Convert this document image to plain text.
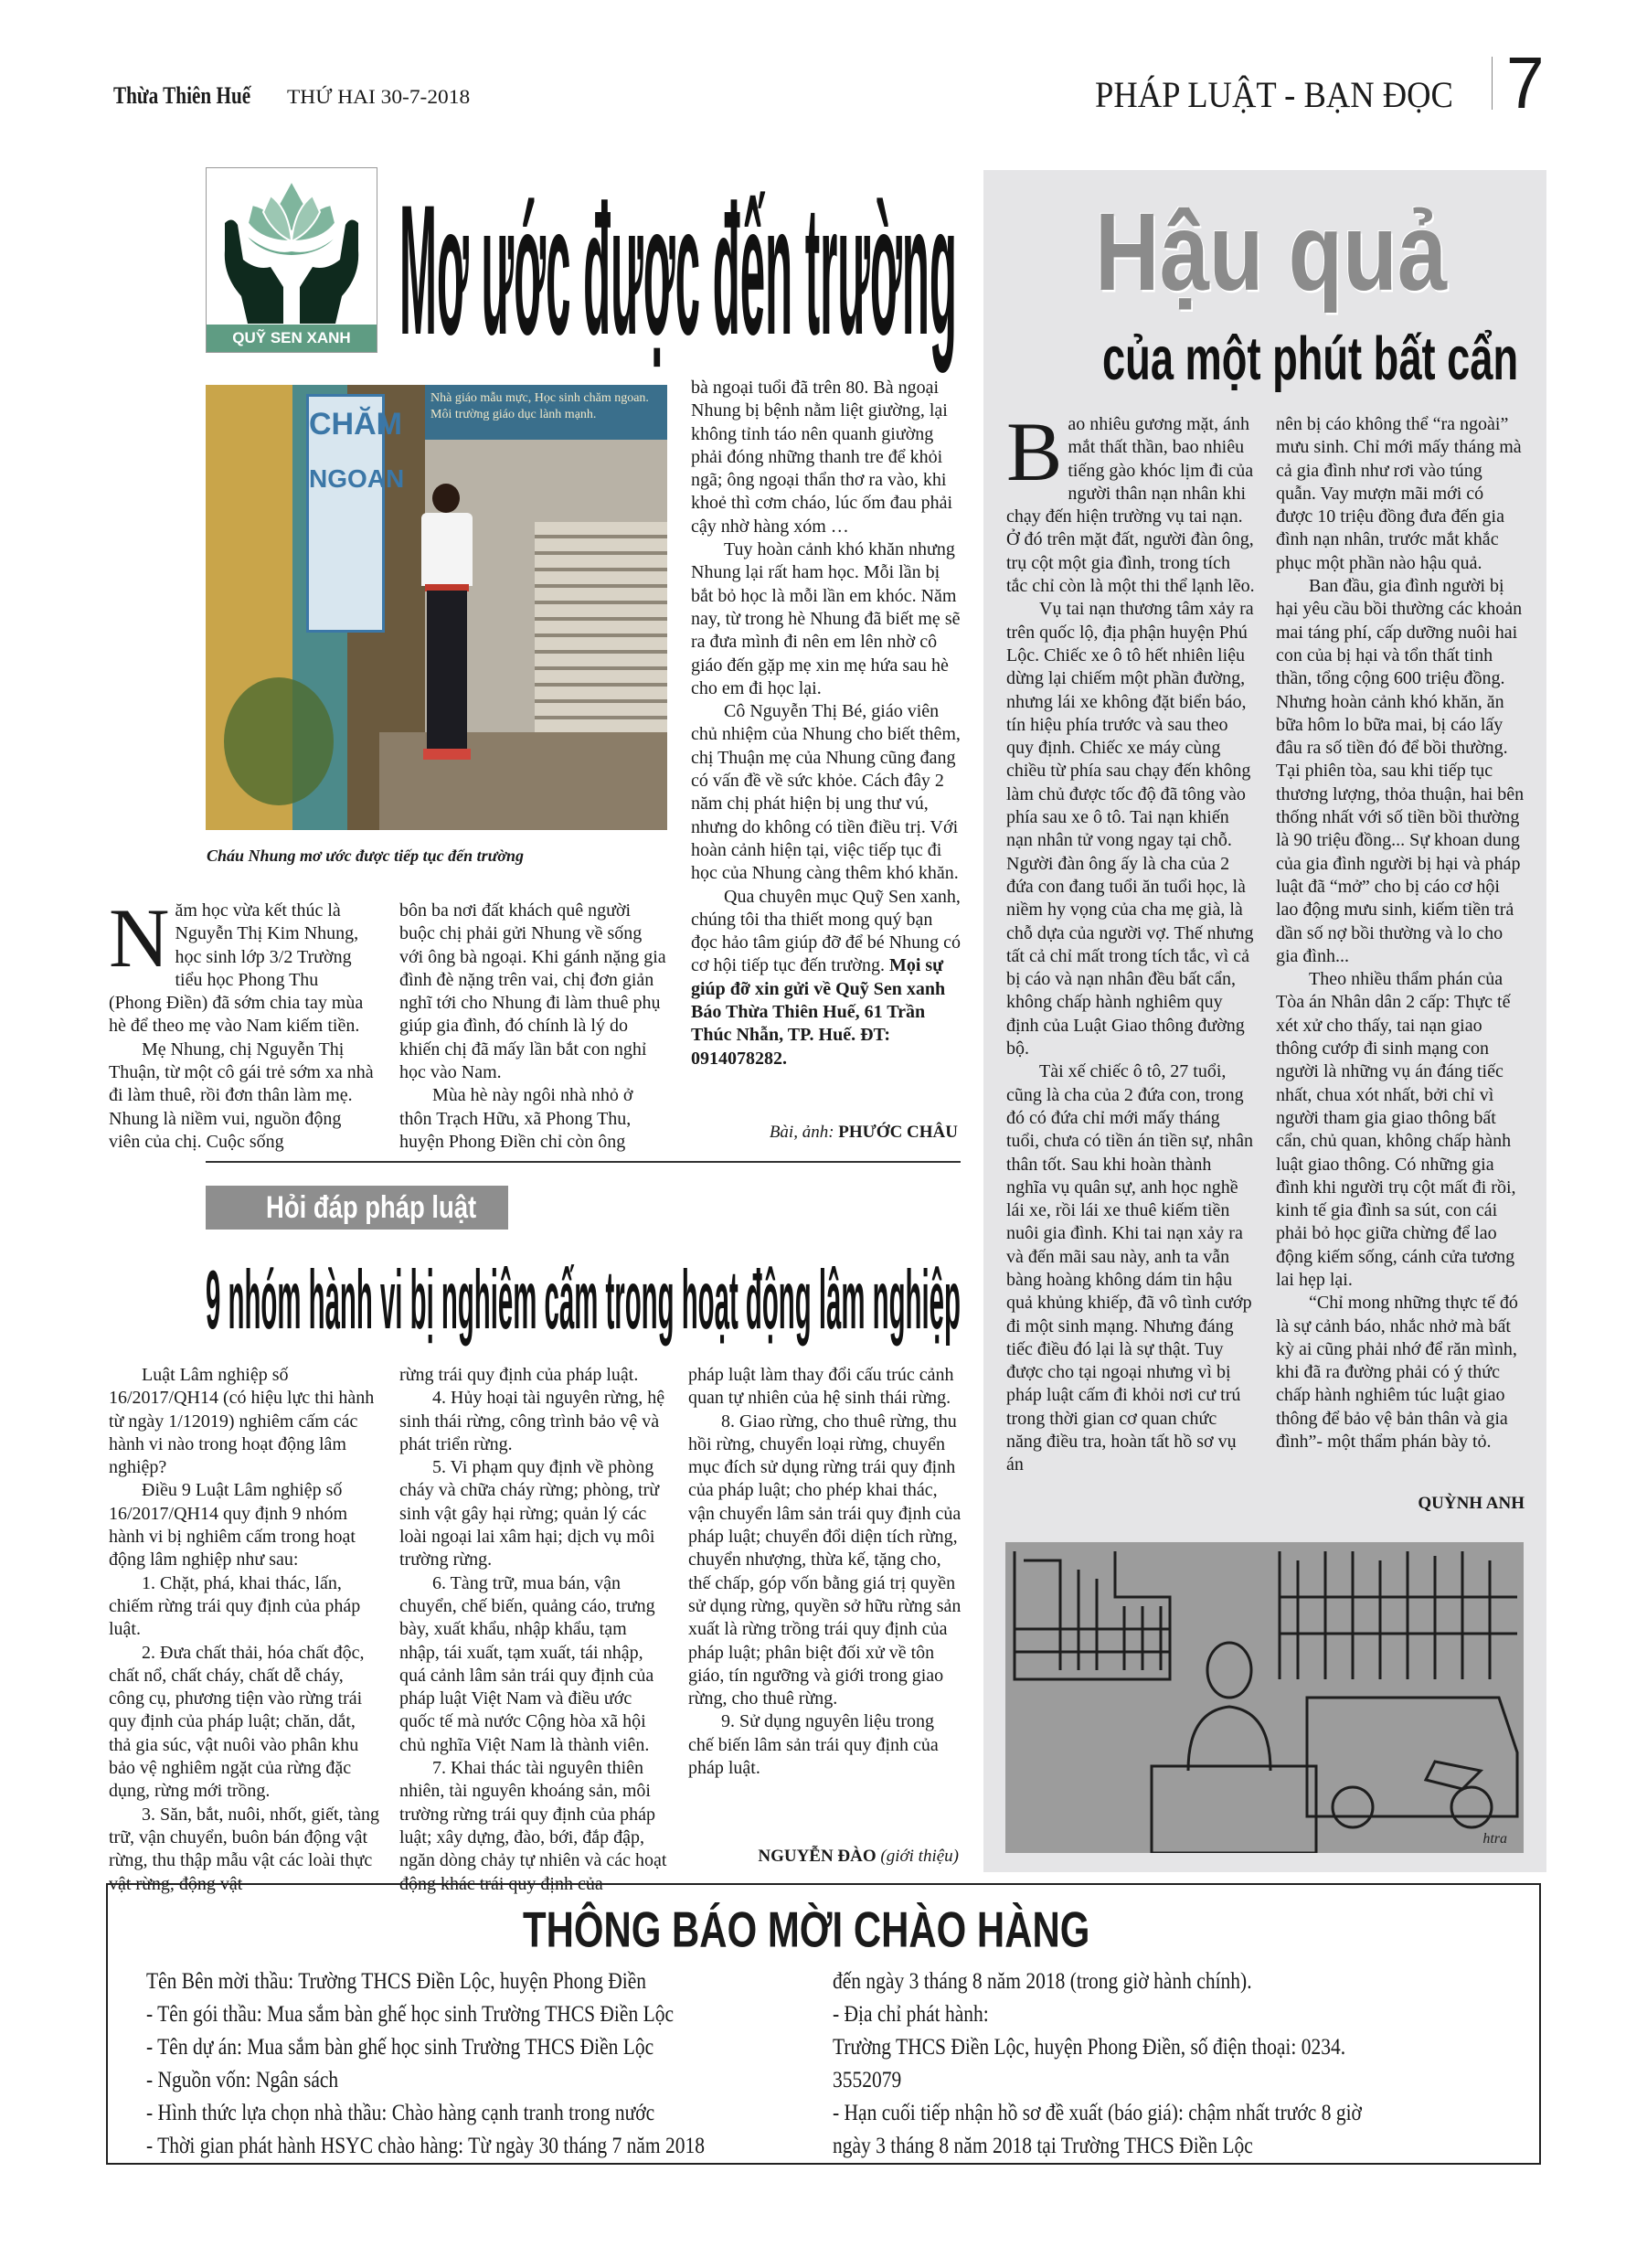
Thừa Thiên Huế	THỨ HAI 30-7-2018	PHÁP LUẬT - BẠN ĐỌC 7
QUỸ SEN XANH Mơ ước được đến trường
CHĂM
NGOAN
Nhà giáo mẫu mực, Học sinh chăm ngoan. Môi trường giáo dục lành mạnh.
Cháu Nhung mơ ước được tiếp tục đến trường
N ăm học vừa kết thúc là Nguyễn Thị Kim Nhung, học sinh lớp 3/2 Trường tiểu học Phong Thu (Phong Điền) đã sớm chia tay mùa hè để theo mẹ vào Nam kiếm tiền.

Mẹ Nhung, chị Nguyễn Thị Thuận, từ một cô gái trẻ sớm xa nhà đi làm thuê, rồi đơn thân làm mẹ. Nhung là niềm vui, nguồn động viên của chị. Cuộc sống

bôn ba nơi đất khách quê người buộc chị phải gửi Nhung về sống với ông bà ngoại. Khi gánh nặng gia đình đè nặng trên vai, chị đơn giản nghĩ tới cho Nhung đi làm thuê phụ giúp gia đình, đó chính là lý do khiến chị đã mấy lần bắt con nghỉ học vào Nam.

Mùa hè này ngôi nhà nhỏ ở thôn Trạch Hữu, xã Phong Thu, huyện Phong Điền chỉ còn ông

bà ngoại tuổi đã trên 80. Bà ngoại Nhung bị bệnh nằm liệt giường, lại không tỉnh táo nên quanh giường phải đóng những thanh tre để khỏi ngã; ông ngoại thẩn thơ ra vào, khi khoẻ thì cơm cháo, lúc ốm đau phải cậy nhờ hàng xóm …

Tuy hoàn cảnh khó khăn nhưng Nhung lại rất ham học. Mỗi lần bị bắt bỏ học là mỗi lần em khóc. Năm nay, từ trong hè Nhung đã biết mẹ sẽ ra đưa mình đi nên em lên nhờ cô giáo đến gặp mẹ xin mẹ hứa sau hè cho em đi học lại.

Cô Nguyễn Thị Bé, giáo viên chủ nhiệm của Nhung cho biết thêm, chị Thuận mẹ của Nhung cũng đang có vấn đề về sức khỏe. Cách đây 2 năm chị phát hiện bị ung thư vú, nhưng do không có tiền điều trị. Với hoàn cảnh hiện tại, việc tiếp tục đi học của Nhung càng thêm khó khăn.

Qua chuyên mục Quỹ Sen xanh, chúng tôi tha thiết mong quý bạn đọc hảo tâm giúp đỡ để bé Nhung có cơ hội tiếp tục đến trường. Mọi sự giúp đỡ xin gửi về Quỹ Sen xanh Báo Thừa Thiên Huế, 61 Trần Thúc Nhẫn, TP. Huế. ĐT: 0914078282.

Bài, ảnh: PHƯỚC CHÂU
Hỏi đáp pháp luật
9 nhóm hành vi bị nghiêm cấm trong hoạt động lâm nghiệp

Luật Lâm nghiệp số 16/2017/QH14 (có hiệu lực thi hành từ ngày 1/12019) nghiêm cấm các hành vi nào trong hoạt động lâm nghiệp?

Điều 9 Luật Lâm nghiệp số 16/2017/QH14 quy định 9 nhóm hành vi bị nghiêm cấm trong hoạt động lâm nghiệp như sau:

1. Chặt, phá, khai thác, lấn, chiếm rừng trái quy định của pháp luật.

2. Đưa chất thải, hóa chất độc, chất nổ, chất cháy, chất dễ cháy, công cụ, phương tiện vào rừng trái quy định của pháp luật; chăn, dắt, thả gia súc, vật nuôi vào phân khu bảo vệ nghiêm ngặt của rừng đặc dụng, rừng mới trồng.

3. Săn, bắt, nuôi, nhốt, giết, tàng trữ, vận chuyển, buôn bán động vật rừng, thu thập mẫu vật các loài thực vật rừng, động vật

rừng trái quy định của pháp luật.

4. Hủy hoại tài nguyên rừng, hệ sinh thái rừng, công trình bảo vệ và phát triển rừng.

5. Vi phạm quy định về phòng cháy và chữa cháy rừng; phòng, trừ sinh vật gây hại rừng; quản lý các loài ngoại lai xâm hại; dịch vụ môi trường rừng.

6. Tàng trữ, mua bán, vận chuyển, chế biến, quảng cáo, trưng bày, xuất khẩu, nhập khẩu, tạm nhập, tái xuất, tạm xuất, tái nhập, quá cảnh lâm sản trái quy định của pháp luật Việt Nam và điều ước quốc tế mà nước Cộng hòa xã hội chủ nghĩa Việt Nam là thành viên.

7. Khai thác tài nguyên thiên nhiên, tài nguyên khoáng sản, môi trường rừng trái quy định của pháp luật; xây dựng, đào, bới, đắp đập, ngăn dòng chảy tự nhiên và các hoạt động khác trái quy định của

pháp luật làm thay đổi cấu trúc cảnh quan tự nhiên của hệ sinh thái rừng.

8. Giao rừng, cho thuê rừng, thu hồi rừng, chuyển loại rừng, chuyển mục đích sử dụng rừng trái quy định của pháp luật; cho phép khai thác, vận chuyển lâm sản trái quy định của pháp luật; chuyển đổi diện tích rừng, chuyển nhượng, thừa kế, tặng cho, thế chấp, góp vốn bằng giá trị quyền sử dụng rừng, quyền sở hữu rừng sản xuất là rừng trồng trái quy định của pháp luật; phân biệt đối xử về tôn giáo, tín ngưỡng và giới trong giao rừng, cho thuê rừng.

9. Sử dụng nguyên liệu trong chế biến lâm sản trái quy định của pháp luật.

NGUYỄN ĐÀO (giới thiệu)
Hậu quả
của một phút bất cẩn
B ao nhiêu gương mặt, ánh mắt thất thần, bao nhiêu tiếng gào khóc lịm đi của người thân nạn nhân khi chạy đến hiện trường vụ tai nạn. Ở đó trên mặt đất, người đàn ông, trụ cột một gia đình, trong tích tắc chỉ còn là một thi thể lạnh lẽo.

Vụ tai nạn thương tâm xảy ra trên quốc lộ, địa phận huyện Phú Lộc. Chiếc xe ô tô hết nhiên liệu dừng lại chiếm một phần đường, nhưng lái xe không đặt biển báo, tín hiệu phía trước và sau theo quy định. Chiếc xe máy cùng chiều từ phía sau chạy đến không làm chủ được tốc độ đã tông vào phía sau xe ô tô. Tai nạn khiến nạn nhân tử vong ngay tại chỗ. Người đàn ông ấy là cha của 2 đứa con đang tuổi ăn tuổi học, là niềm hy vọng của cha mẹ già, là chỗ dựa của người vợ. Thế nhưng tất cả chỉ mất trong tích tắc, vì cả bị cáo và nạn nhân đều bất cẩn, không chấp hành nghiêm quy định của Luật Giao thông đường bộ.

Tài xế chiếc ô tô, 27 tuổi, cũng là cha của 2 đứa con, trong đó có đứa chỉ mới mấy tháng tuổi, chưa có tiền án tiền sự, nhân thân tốt. Sau khi hoàn thành nghĩa vụ quân sự, anh học nghề lái xe, rồi lái xe thuê kiếm tiền nuôi gia đình. Khi tai nạn xảy ra và đến mãi sau này, anh ta vẫn bàng hoàng không dám tin hậu quả khủng khiếp, đã vô tình cướp đi một sinh mạng. Nhưng đáng tiếc điều đó lại là sự thật. Tuy được cho tại ngoại nhưng vì bị pháp luật cấm đi khỏi nơi cư trú trong thời gian cơ quan chức năng điều tra, hoàn tất hồ sơ vụ án

nên bị cáo không thể “ra ngoài” mưu sinh. Chỉ mới mấy tháng mà cả gia đình như rơi vào túng quẫn. Vay mượn mãi mới có được 10 triệu đồng đưa đến gia đình nạn nhân, trước mắt khắc phục một phần nào hậu quả.

Ban đầu, gia đình người bị hại yêu cầu bồi thường các khoản mai táng phí, cấp dưỡng nuôi hai con của bị hại và tổn thất tinh thần, tổng cộng 600 triệu đồng. Nhưng hoàn cảnh khó khăn, ăn bữa hôm lo bữa mai, bị cáo lấy đâu ra số tiền đó để bồi thường. Tại phiên tòa, sau khi tiếp tục thương lượng, thỏa thuận, hai bên thống nhất với số tiền bồi thường là 90 triệu đồng... Sự khoan dung của gia đình người bị hại và pháp luật đã “mở” cho bị cáo cơ hội lao động mưu sinh, kiếm tiền trả dần số nợ bồi thường và lo cho gia đình...

Theo nhiều thẩm phán của Tòa án Nhân dân 2 cấp: Thực tế xét xử cho thấy, tai nạn giao thông cướp đi sinh mạng con người là những vụ án đáng tiếc nhất, chua xót nhất, bởi chỉ vì người tham gia giao thông bất cẩn, chủ quan, không chấp hành luật giao thông. Có những gia đình khi người trụ cột mất đi rồi, kinh tế gia đình sa sút, con cái phải bỏ học giữa chừng để lao động kiếm sống, cánh cửa tương lai hẹp lại.

“Chỉ mong những thực tế đó là sự cảnh báo, nhắc nhở mà bất kỳ ai cũng phải nhớ để răn mình, khi đã ra đường phải có ý thức chấp hành nghiêm túc luật giao thông để bảo vệ bản thân và gia đình”- một thẩm phán bày tỏ.

QUỲNH ANH
htra
THÔNG BÁO MỜI CHÀO HÀNG
Tên Bên mời thầu: Trường THCS Điền Lộc, huyện Phong Điền
- Tên gói thầu: Mua sắm bàn ghế học sinh Trường THCS Điền Lộc
- Tên dự án: Mua sắm bàn ghế học sinh Trường THCS Điền Lộc
- Nguồn vốn: Ngân sách
- Hình thức lựa chọn nhà thầu: Chào hàng cạnh tranh trong nước
- Thời gian phát hành HSYC chào hàng: Từ ngày 30 tháng 7 năm 2018
đến ngày 3 tháng 8 năm 2018 (trong giờ hành chính).
- Địa chỉ phát hành:
Trường THCS Điền Lộc, huyện Phong Điền, số điện thoại: 0234.
3552079
- Hạn cuối tiếp nhận hồ sơ đề xuất (báo giá): chậm nhất trước 8 giờ
ngày 3 tháng 8 năm 2018 tại Trường THCS Điền Lộc
